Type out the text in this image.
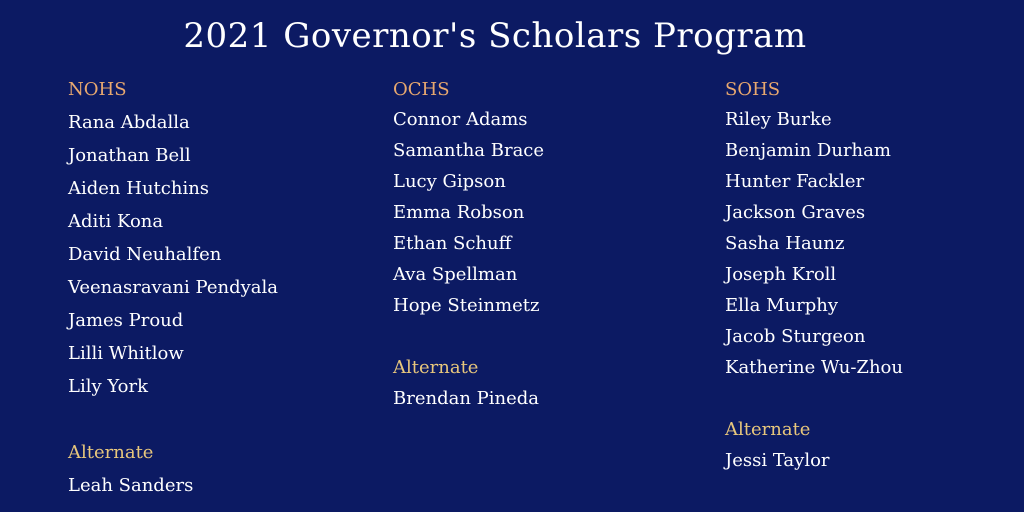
2021 Governor's Scholars Program
NOHS
Rana Abdalla
Jonathan Bell
Aiden Hutchins
Aditi Kona
David Neuhalfen
Veenasravani Pendyala
James Proud
Lilli Whitlow
Lily York
Alternate
Leah Sanders
OCHS
Connor Adams
Samantha Brace
Lucy Gipson
Emma Robson
Ethan Schuff
Ava Spellman
Hope Steinmetz
Alternate
Brendan Pineda
SOHS
Riley Burke
Benjamin Durham
Hunter Fackler
Jackson Graves
Sasha Haunz
Joseph Kroll
Ella Murphy
Jacob Sturgeon
Katherine Wu-Zhou
Alternate
Jessi Taylor
